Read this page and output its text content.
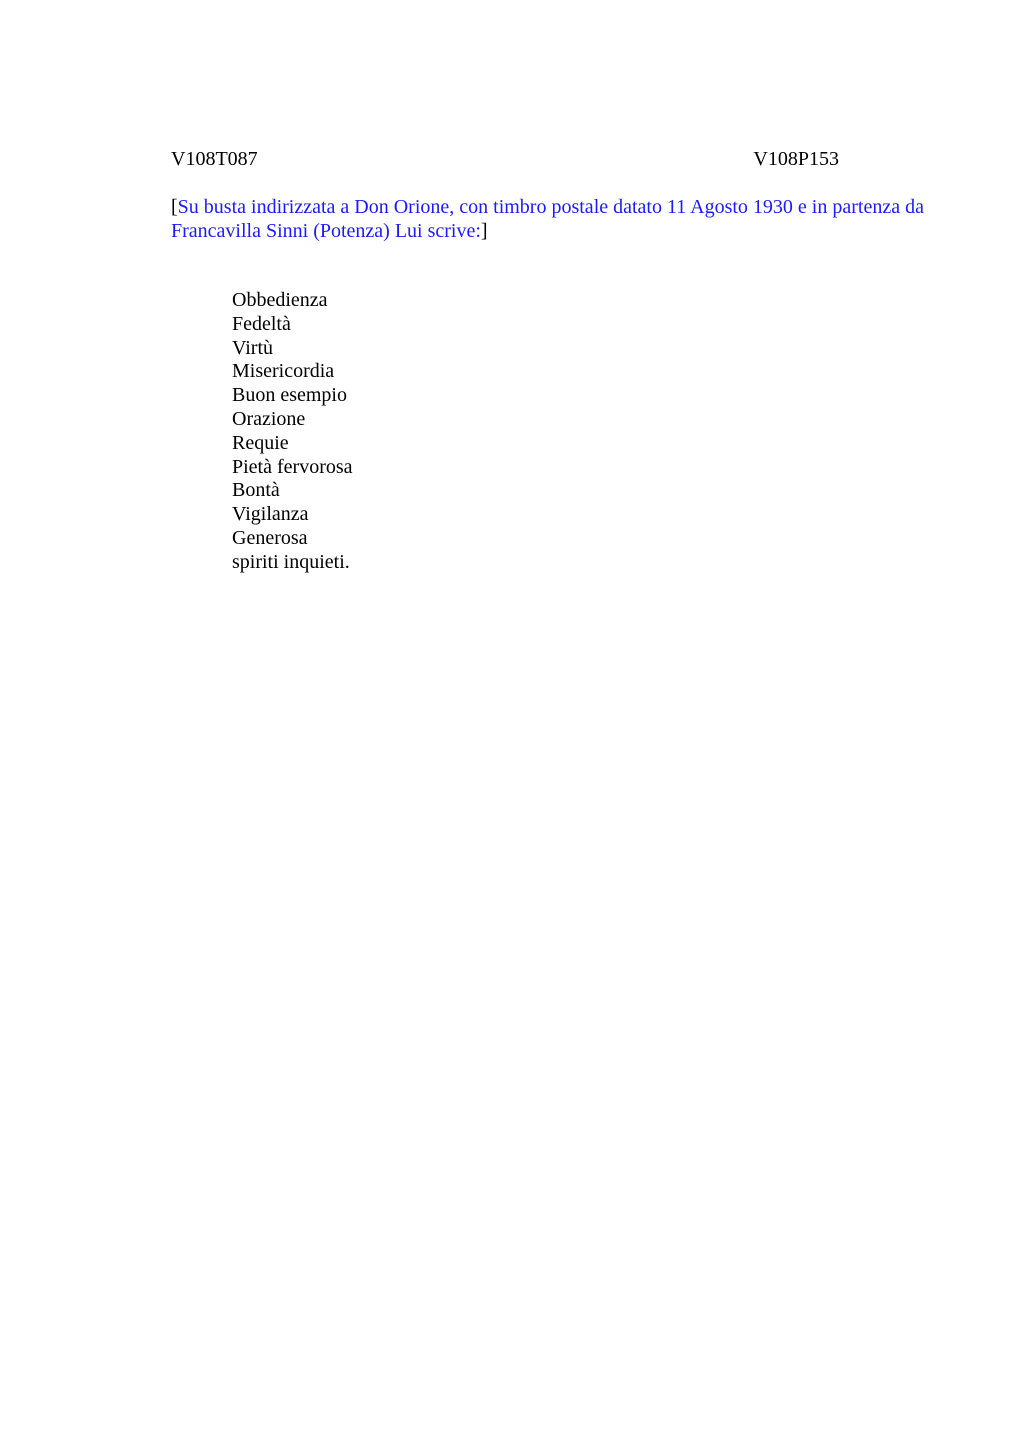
V108T087	V108P153
[Su busta indirizzata a Don Orione, con timbro postale datato 11 Agosto 1930 e in partenza da Francavilla Sinni (Potenza) Lui scrive:]
Obbedienza
Fedeltà
Virtù
Misericordia
Buon esempio
Orazione
Requie
Pietà fervorosa
Bontà
Vigilanza
Generosa
spiriti inquieti.
